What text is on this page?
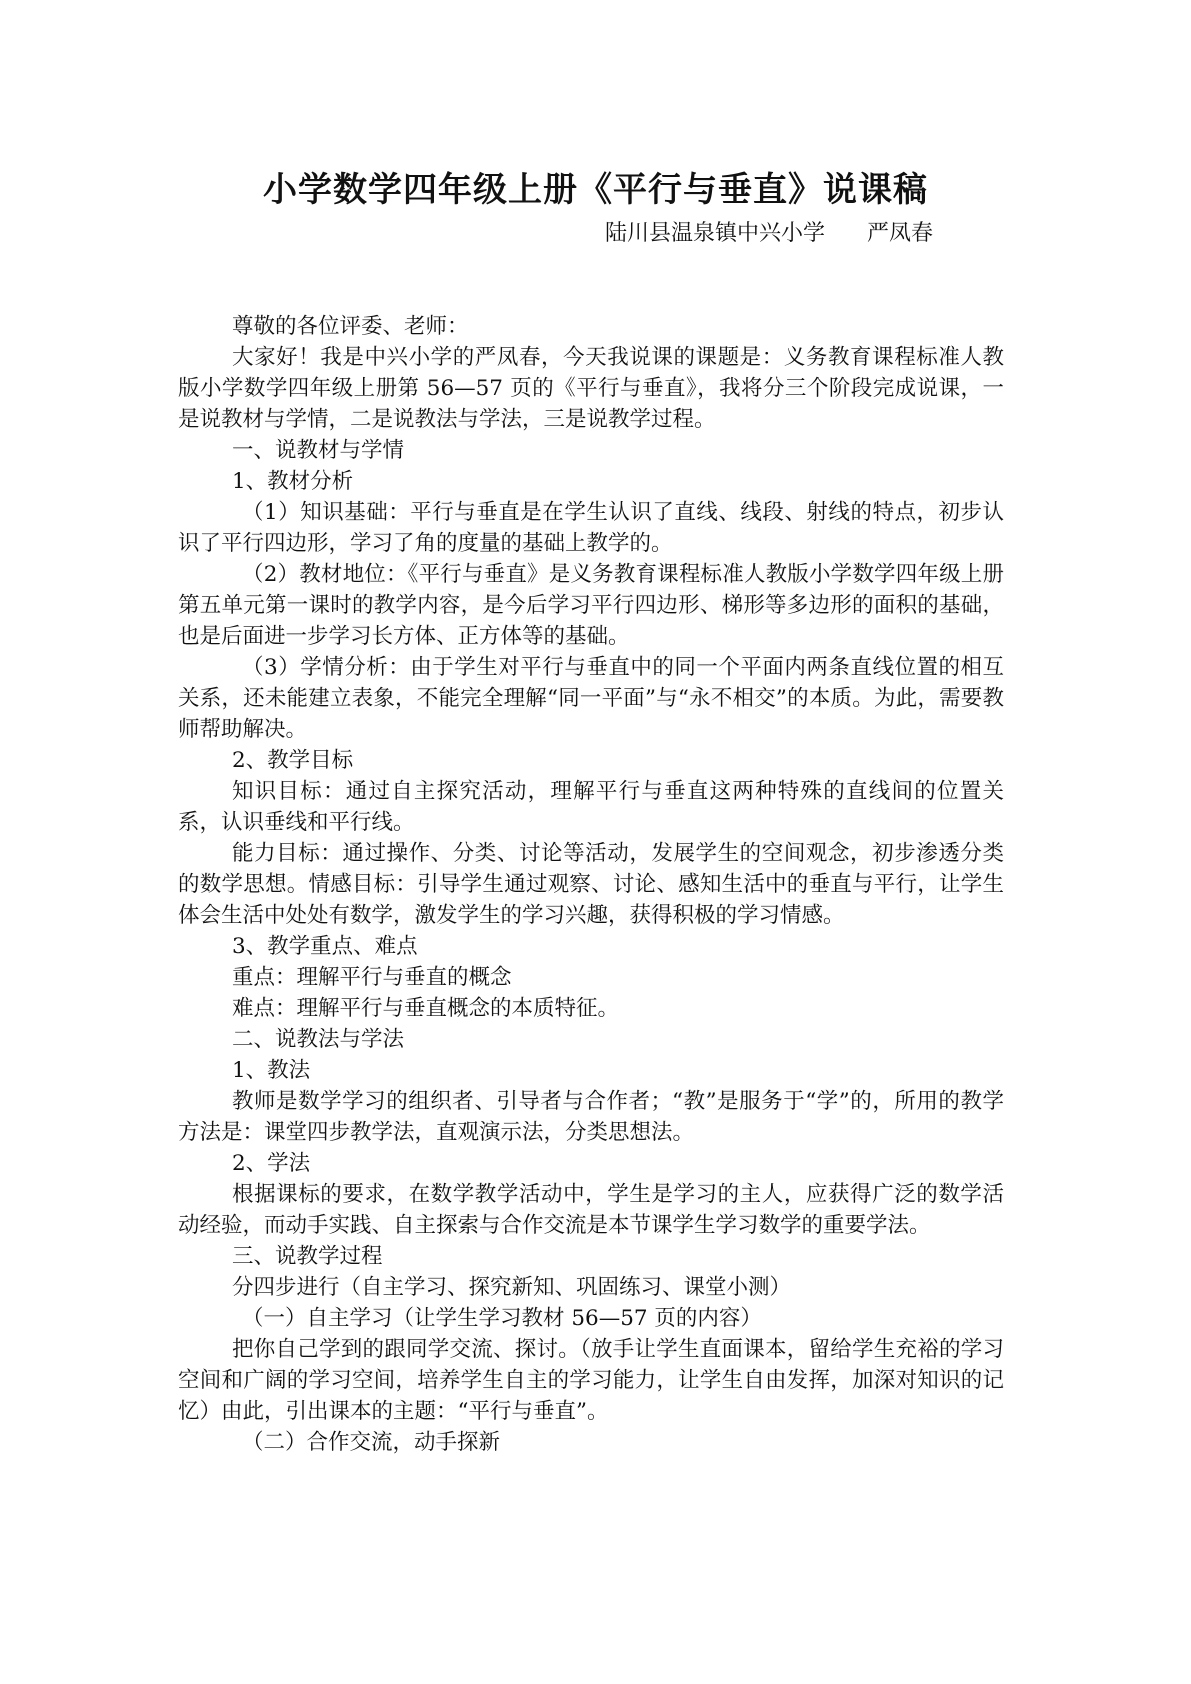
小学数学四年级上册《平行与垂直》说课稿
陆川县温泉镇中兴小学      严凤春

尊敬的各位评委、老师：

大家好！我是中兴小学的严凤春，今天我说课的课题是：义务教育课程标准人教版小学数学四年级上册第 56—57 页的《平行与垂直》，我将分三个阶段完成说课，一是说教材与学情，二是说教法与学法，三是说教学过程。

一、说教材与学情

1、教材分析

（1）知识基础：平行与垂直是在学生认识了直线、线段、射线的特点，初步认识了平行四边形，学习了角的度量的基础上教学的。

（2）教材地位：《平行与垂直》是义务教育课程标准人教版小学数学四年级上册第五单元第一课时的教学内容，是今后学习平行四边形、梯形等多边形的面积的基础，也是后面进一步学习长方体、正方体等的基础。

（3）学情分析：由于学生对平行与垂直中的同一个平面内两条直线位置的相互关系，还未能建立表象，不能完全理解“同一平面”与“永不相交”的本质。为此，需要教师帮助解决。

2、教学目标

知识目标：通过自主探究活动，理解平行与垂直这两种特殊的直线间的位置关系，认识垂线和平行线。

能力目标：通过操作、分类、讨论等活动，发展学生的空间观念，初步渗透分类的数学思想。情感目标：引导学生通过观察、讨论、感知生活中的垂直与平行，让学生体会生活中处处有数学，激发学生的学习兴趣，获得积极的学习情感。

3、教学重点、难点

重点：理解平行与垂直的概念

难点：理解平行与垂直概念的本质特征。

二、说教法与学法

1、教法

教师是数学学习的组织者、引导者与合作者；“教”是服务于“学”的，所用的教学方法是：课堂四步教学法，直观演示法，分类思想法。

2、学法

根据课标的要求，在数学教学活动中，学生是学习的主人，应获得广泛的数学活动经验，而动手实践、自主探索与合作交流是本节课学生学习数学的重要学法。

三、说教学过程

分四步进行（自主学习、探究新知、巩固练习、课堂小测）

（一）自主学习（让学生学习教材 56—57 页的内容）

把你自己学到的跟同学交流、探讨。（放手让学生直面课本，留给学生充裕的学习空间和广阔的学习空间，培养学生自主的学习能力，让学生自由发挥，加深对知识的记忆）由此，引出课本的主题：“平行与垂直”。

（二）合作交流，动手探新
